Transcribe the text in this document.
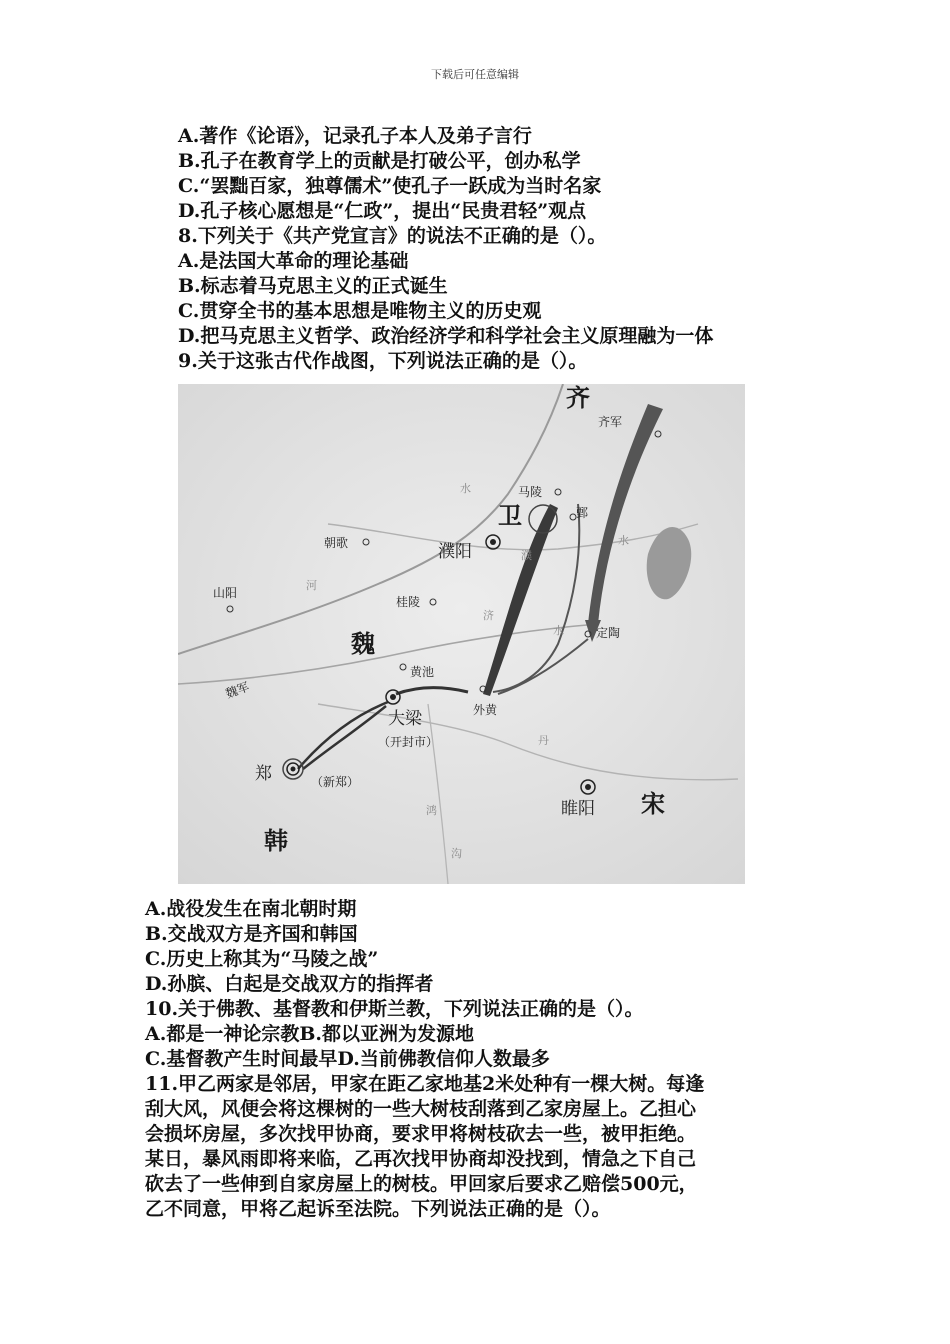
下载后可任意编辑

A.著作《论语》，记录孔子本人及弟子言行

B.孔子在教育学上的贡献是打破公平，创办私学

C.“罢黜百家，独尊儒术”使孔子一跃成为当时名家

D.孔子核心愿想是“仁政”，提出“民贵君轻”观点

8.下列关于《共产党宣言》的说法不正确的是（）。

A.是法国大革命的理论基础

B.标志着马克思主义的正式诞生

C.贯穿全书的基本思想是唯物主义的历史观

D.把马克思主义哲学、政治经济学和科学社会主义原理融为一体

9.关于这张古代作战图，下列说法正确的是（）。

齐
卫
魏
宋
韩
濮阳
大梁
睢阳
郑
（开封市）
（新郑）
齐军
魏军
马陵
鄄
朝歌
山阳
桂陵
黄池
外黄
定陶
水
河
水
濮
济
水
丹
鸿
沟

A.战役发生在南北朝时期

B.交战双方是齐国和韩国

C.历史上称其为“马陵之战”

D.孙膑、白起是交战双方的指挥者

10.关于佛教、基督教和伊斯兰教，下列说法正确的是（）。

A.都是一神论宗教B.都以亚洲为发源地

C.基督教产生时间最早D.当前佛教信仰人数最多

11.甲乙两家是邻居，甲家在距乙家地基2米处种有一棵大树。每逢

刮大风，风便会将这棵树的一些大树枝刮落到乙家房屋上。乙担心

会损坏房屋，多次找甲协商，要求甲将树枝砍去一些，被甲拒绝。

某日，暴风雨即将来临，乙再次找甲协商却没找到，情急之下自己

砍去了一些伸到自家房屋上的树枝。甲回家后要求乙赔偿500元，

乙不同意，甲将乙起诉至法院。下列说法正确的是（）。
